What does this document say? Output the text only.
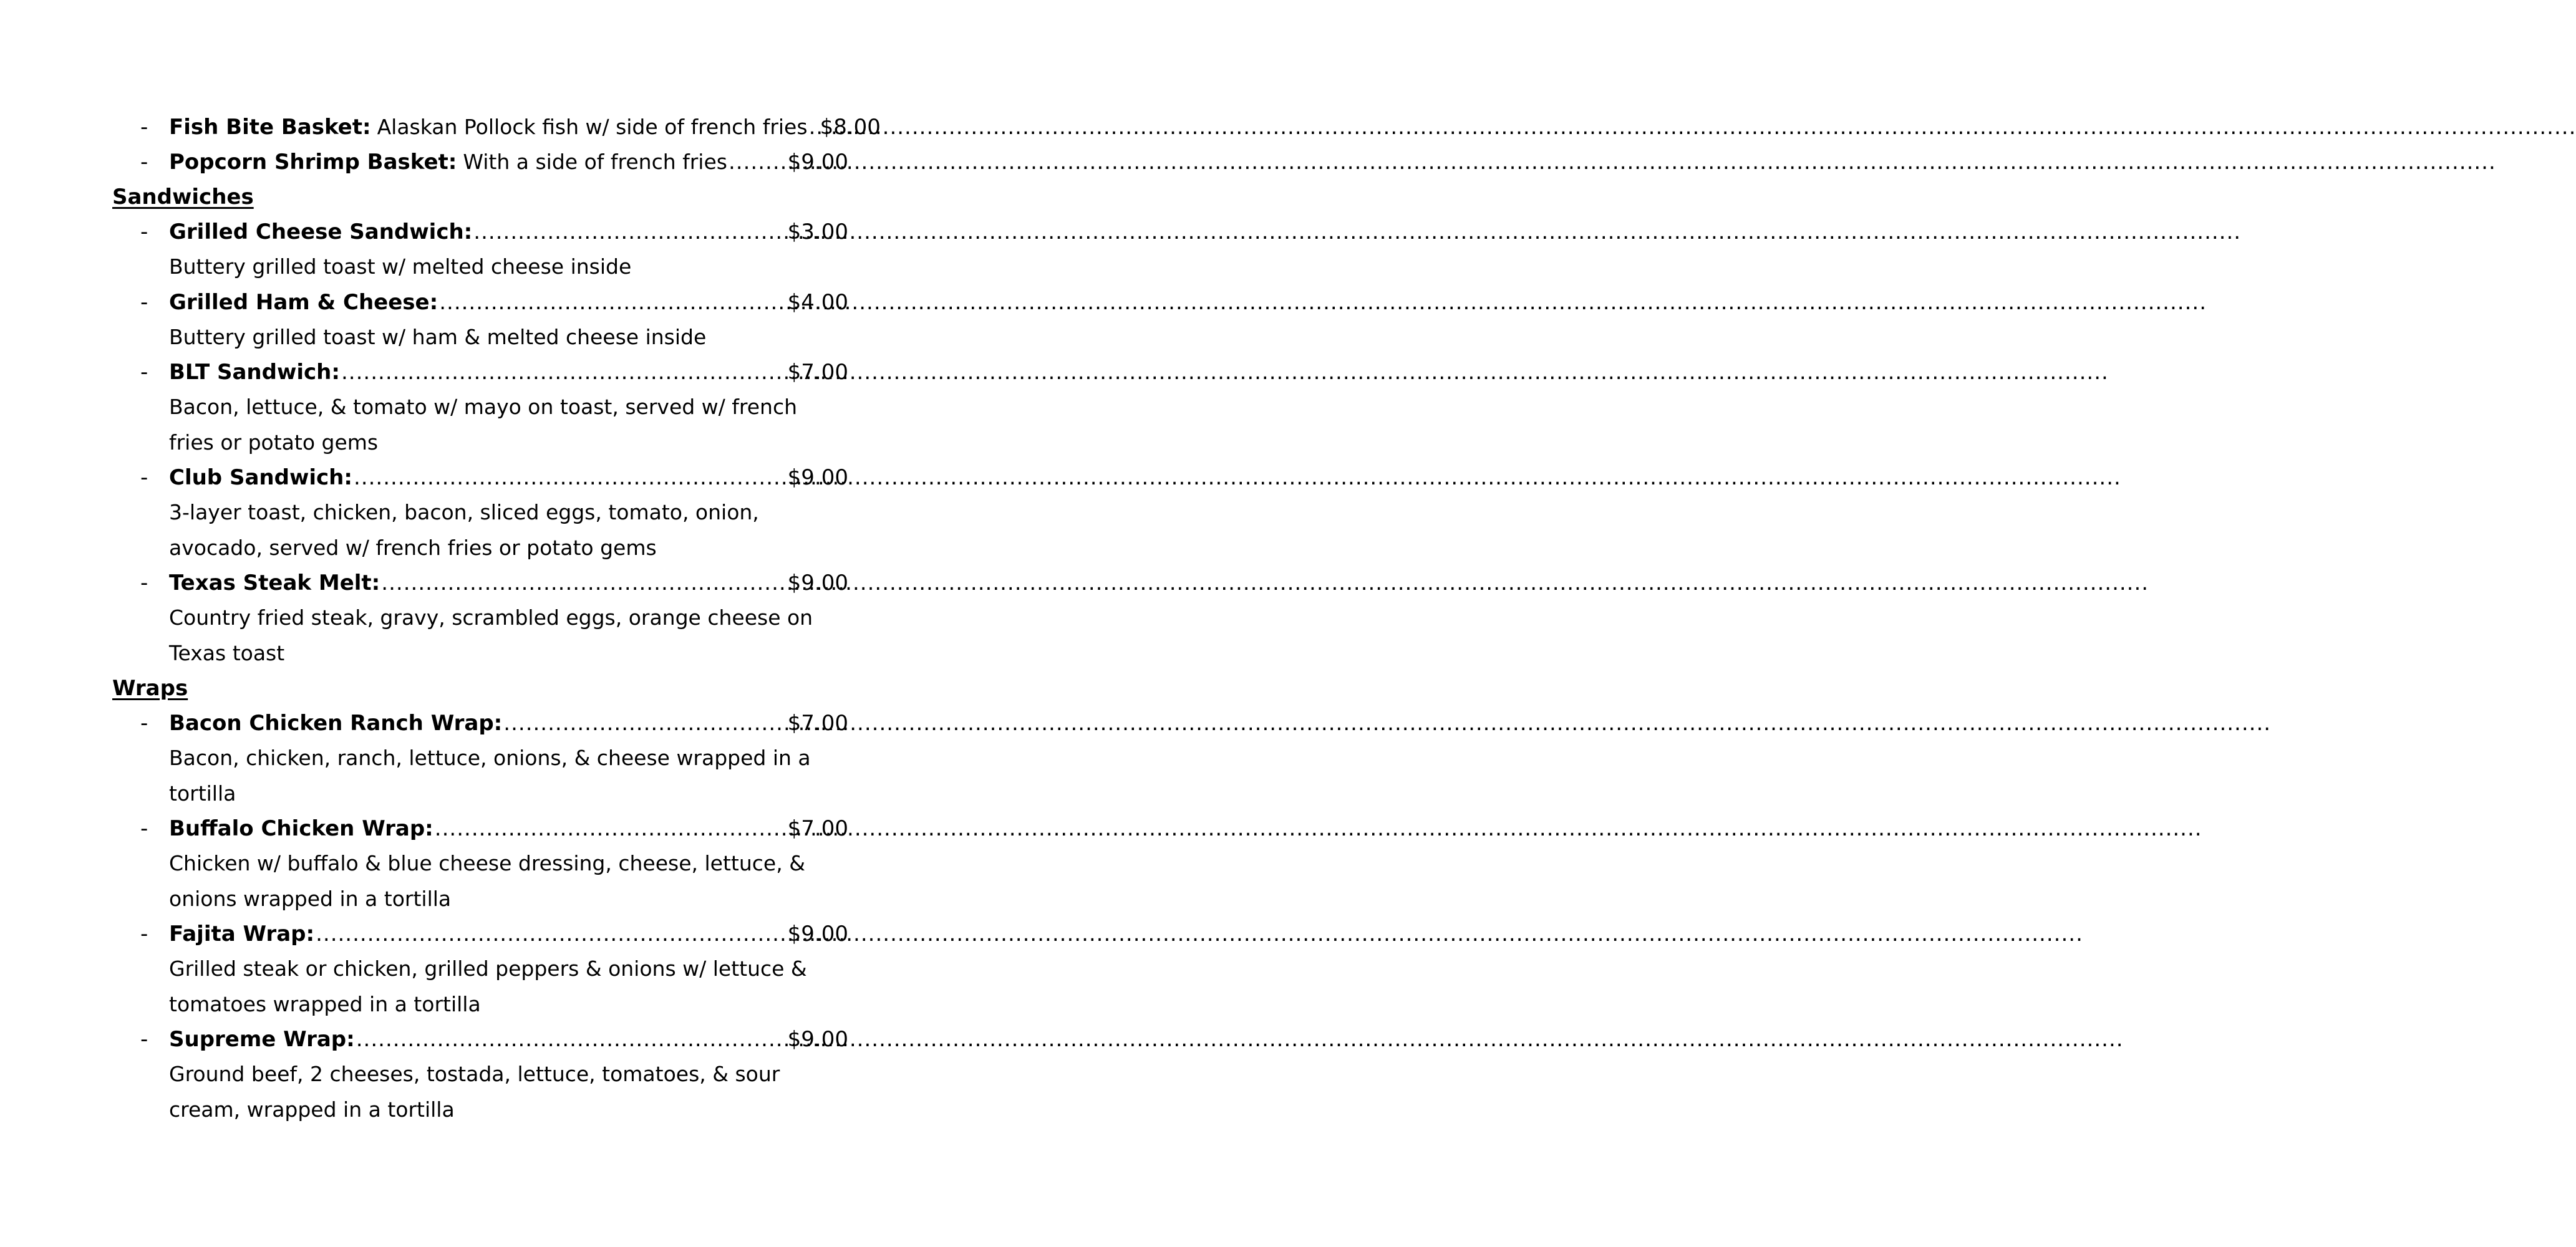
- Fish Bite Basket: Alaskan Pollock fish w/ side of french fries ..... $8.00
- Popcorn Shrimp Basket: With a side of french fries .....	$9.00
Sandwiches
- Grilled Cheese Sandwich: .....	$3.00

Buttery grilled toast w/ melted cheese inside

- Grilled Ham & Cheese: .....	$4.00

Buttery grilled toast w/ ham & melted cheese inside

- BLT Sandwich: .....	$7.00

Bacon, lettuce, & tomato w/ mayo on toast, served w/ french fries or potato gems

- Club Sandwich: .....	$9.00

3-layer toast, chicken, bacon, sliced eggs, tomato, onion, avocado, served w/ french fries or potato gems

- Texas Steak Melt: .....	$9.00

Country fried steak, gravy, scrambled eggs, orange cheese on Texas toast

Wraps
- Bacon Chicken Ranch Wrap: .....	$7.00

Bacon, chicken, ranch, lettuce, onions, & cheese wrapped in a tortilla

- Buffalo Chicken Wrap: .....	$7.00

Chicken w/ buffalo & blue cheese dressing, cheese, lettuce, & onions wrapped in a tortilla

- Fajita Wrap: .....	$9.00

Grilled steak or chicken, grilled peppers & onions w/ lettuce & tomatoes wrapped in a tortilla

- Supreme Wrap: .....	$9.00

Ground beef, 2 cheeses, tostada, lettuce, tomatoes, & sour cream, wrapped in a tortilla
